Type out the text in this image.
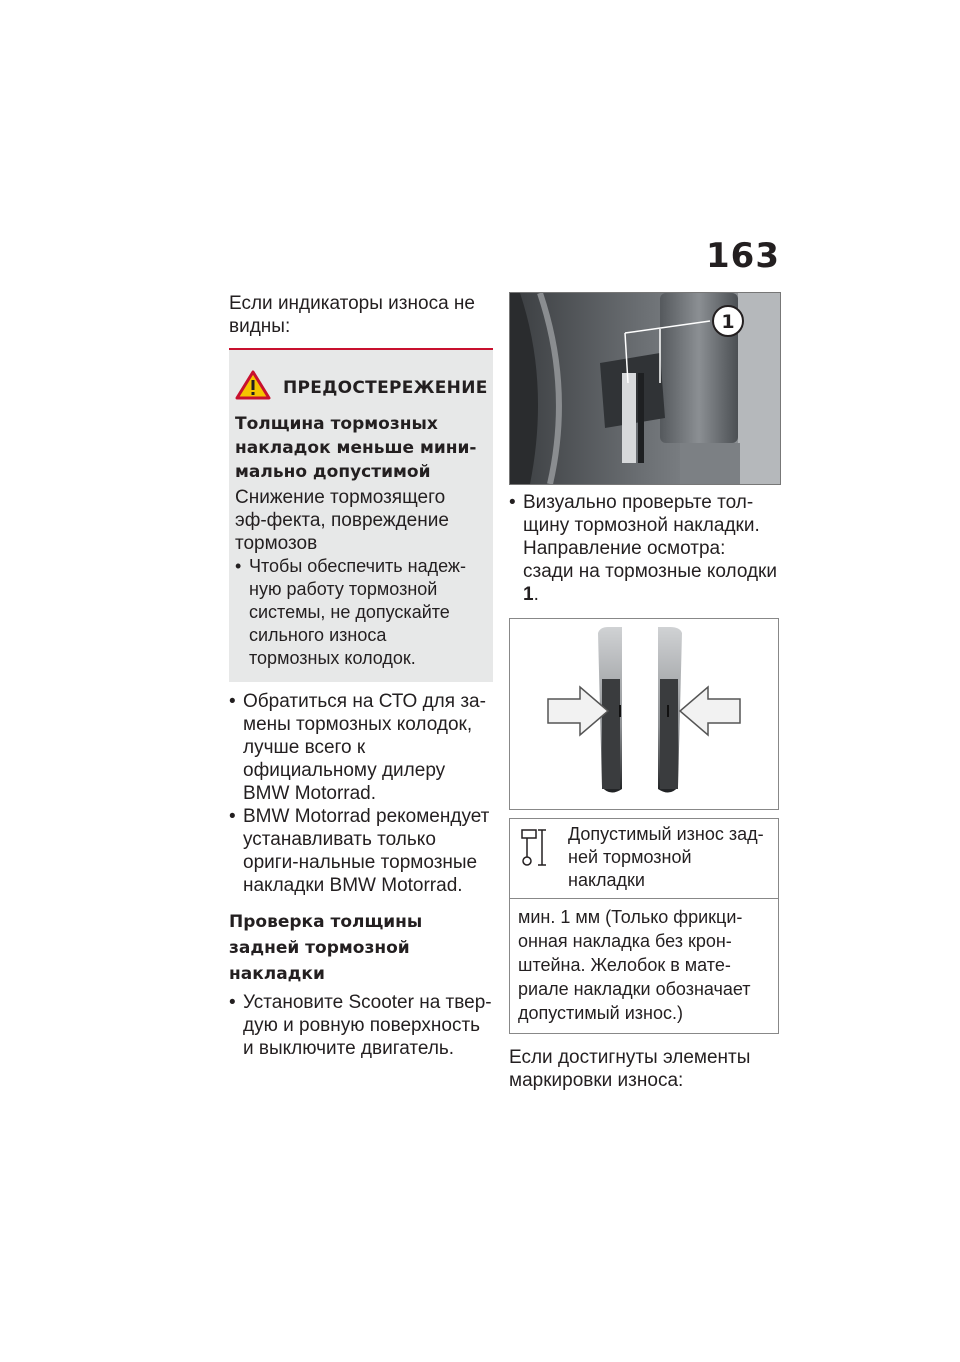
163

Если индикаторы износа не видны:

ПРЕДОСТЕРЕЖЕНИЕ

Толщина тормозных накладок меньше мини-мально допустимой

Снижение тормозящего эф-фекта, повреждение тормозов

• Чтобы обеспечить надеж-ную работу тормозной системы, не допускайте сильного износа тормозных колодок.

• Обратиться на СТО для за-мены тормозных колодок, лучше всего к официальному дилеру BMW Motorrad.

• BMW Motorrad рекомендует устанавливать только ориги-нальные тормозные накладки BMW Motorrad.

Проверка толщины задней тормозной накладки

• Установите Scooter на твер-дую и ровную поверхность и выключите двигатель.

1

• Визуально проверьте тол-щину тормозной накладки. Направление осмотра: сзади на тормозные колодки 1.

Допустимый износ зад-ней тормозной накладки
мин. 1 мм (Только фрикци-онная накладка без крон-штейна. Желобок в мате-риале накладки обозначает допустимый износ.)

Если достигнуты элементы маркировки износа:
